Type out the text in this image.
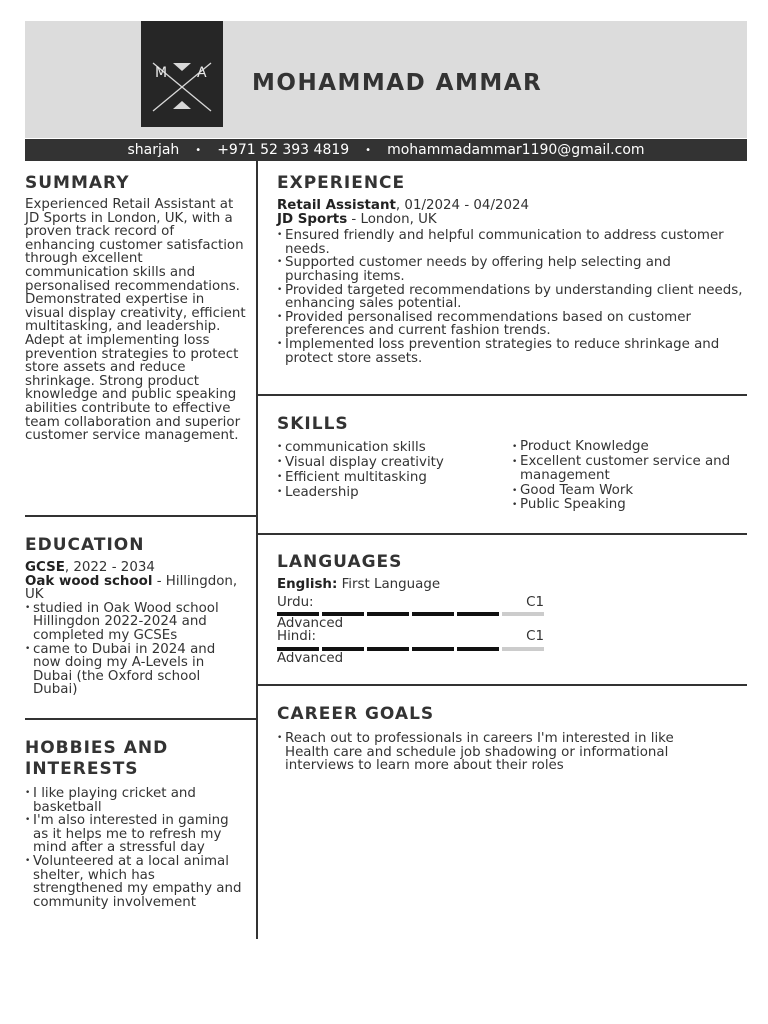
M A MOHAMMAD AMMAR
sharjah • +971 52 393 4819 • mohammadammar1190@gmail.com
SUMMARY
Experienced Retail Assistant at JD Sports in London, UK, with a proven track record of enhancing customer satisfaction through excellent communication skills and personalised recommendations. Demonstrated expertise in visual display creativity, efficient multitasking, and leadership. Adept at implementing loss prevention strategies to protect store assets and reduce shrinkage. Strong product knowledge and public speaking abilities contribute to effective team collaboration and superior customer service management.
EDUCATION
GCSE, 2022 - 2034
Oak wood school - Hillingdon, UK
• studied in Oak Wood school Hillingdon 2022-2024 and completed my GCSEs
• came to Dubai in 2024 and now doing my A-Levels in Dubai (the Oxford school Dubai)
HOBBIES AND INTERESTS
• I like playing cricket and basketball
• I'm also interested in gaming as it helps me to refresh my mind after a stressful day
• Volunteered at a local animal shelter, which has strengthened my empathy and community involvement
EXPERIENCE
Retail Assistant, 01/2024 - 04/2024
JD Sports - London, UK
• Ensured friendly and helpful communication to address customer needs.
• Supported customer needs by offering help selecting and purchasing items.
• Provided targeted recommendations by understanding client needs, enhancing sales potential.
• Provided personalised recommendations based on customer preferences and current fashion trends.
• Implemented loss prevention strategies to reduce shrinkage and protect store assets.
SKILLS
• communication skills
• Visual display creativity
• Efficient multitasking
• Leadership
• Product Knowledge
• Excellent customer service and management
• Good Team Work
• Public Speaking
LANGUAGES
English: First Language
Urdu:	C1
Advanced
Hindi:	C1
Advanced
CAREER GOALS
• Reach out to professionals in careers I'm interested in like Health care and schedule job shadowing or informational interviews to learn more about their roles
